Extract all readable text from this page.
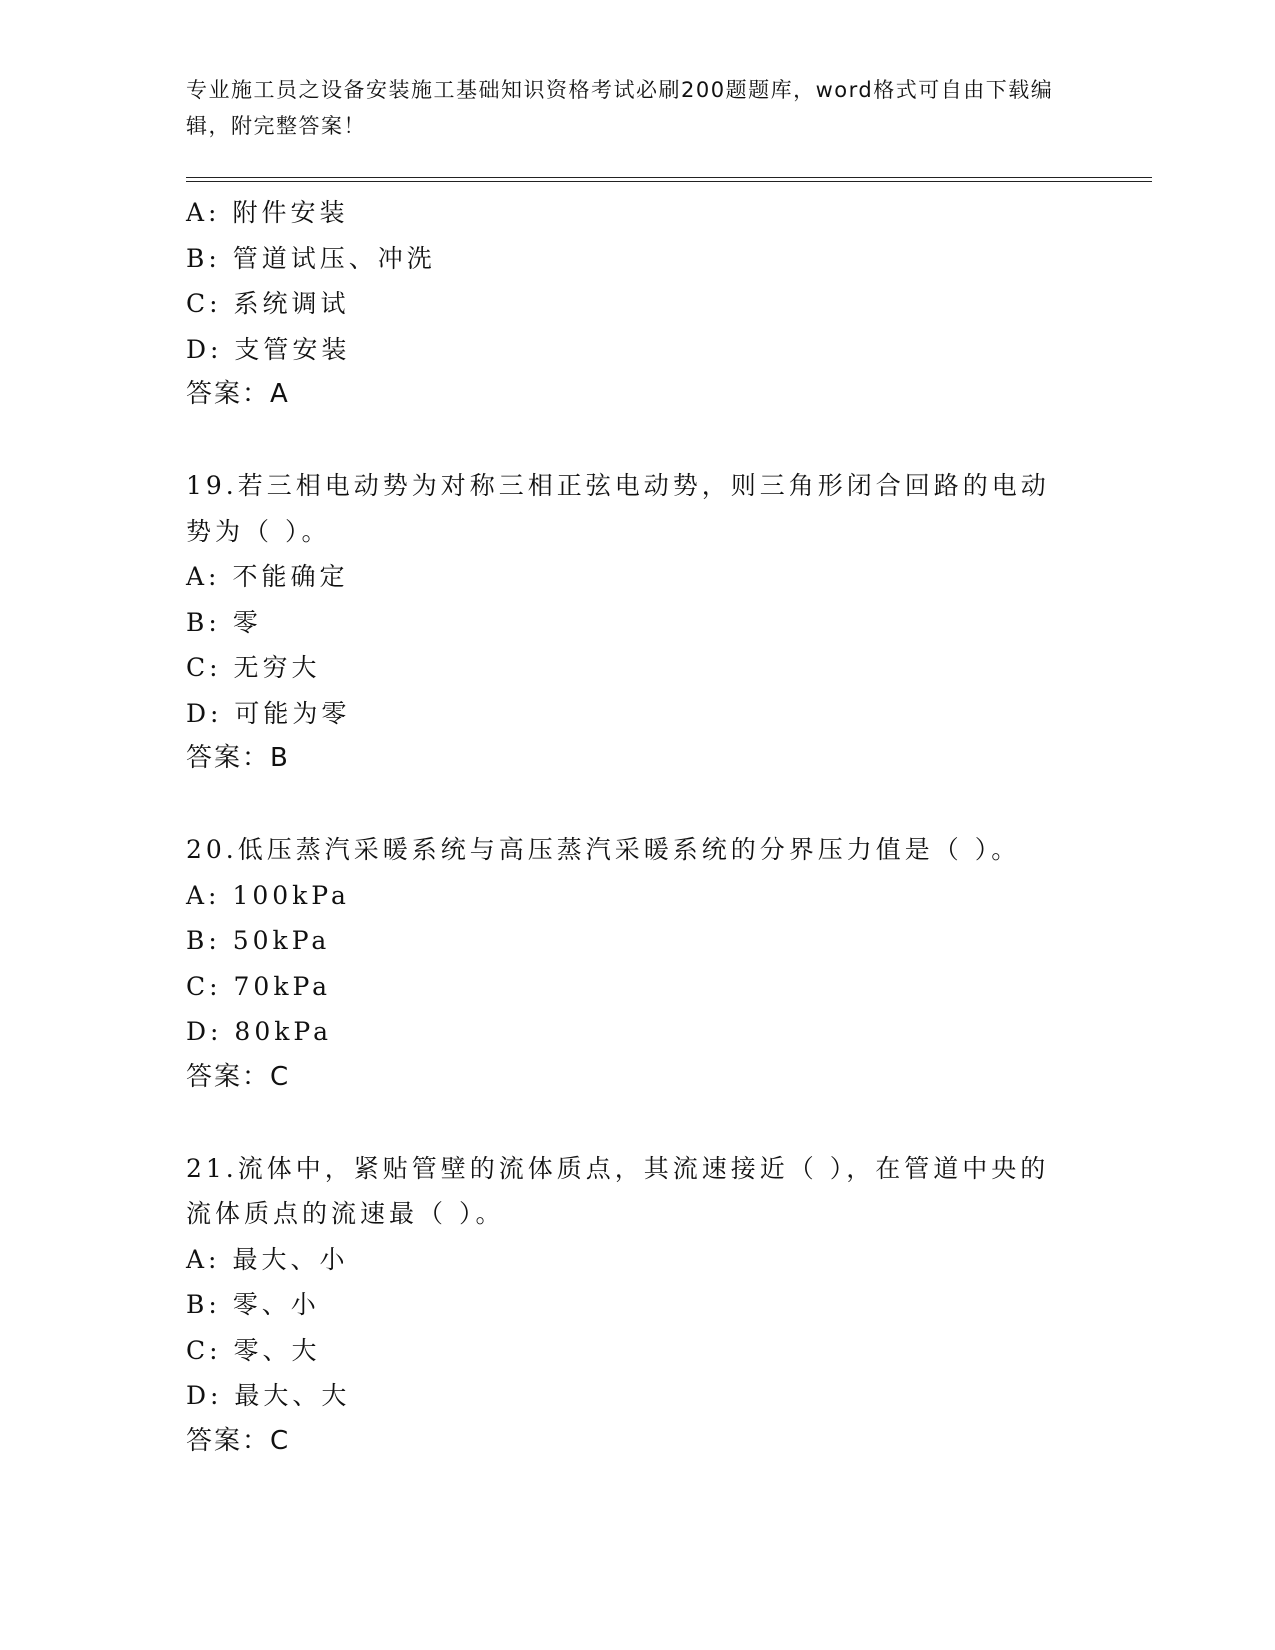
专业施工员之设备安装施工基础知识资格考试必刷200题题库，word格式可自由下载编辑，附完整答案！
A: 附件安装
B: 管道试压、冲洗
C: 系统调试
D: 支管安装
答案：A
19.若三相电动势为对称三相正弦电动势，则三角形闭合回路的电动势为（ ）。
A: 不能确定
B: 零
C: 无穷大
D: 可能为零
答案：B
20.低压蒸汽采暖系统与高压蒸汽采暖系统的分界压力值是（ ）。
A: 100kPa
B: 50kPa
C: 70kPa
D: 80kPa
答案：C
21.流体中，紧贴管壁的流体质点，其流速接近（ ），在管道中央的流体质点的流速最（ ）。
A: 最大、小
B: 零、小
C: 零、大
D: 最大、大
答案：C
